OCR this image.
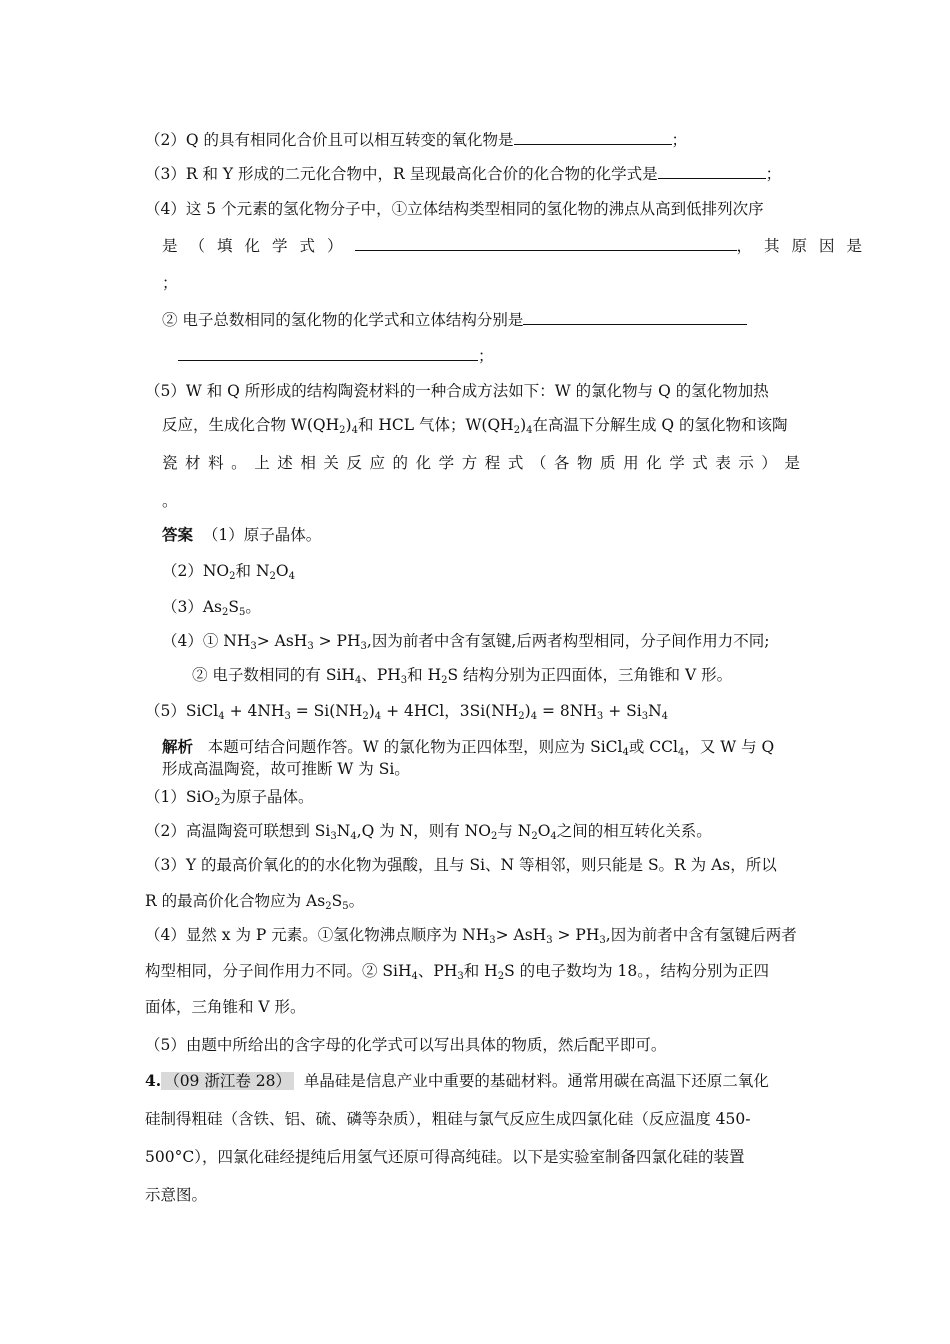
（2）Q 的具有相同化合价且可以相互转变的氧化物是	；
（3）R 和 Y 形成的二元化合物中，R 呈现最高化合价的化合物的化学式是	；
（4）这 5 个元素的氢化物分子中，①立体结构类型相同的氢化物的沸点从高到低排列次序
是（填化学式）	，其原因是
；
② 电子总数相同的氢化物的化学式和立体结构分别是
；
（5）W 和 Q 所形成的结构陶瓷材料的一种合成方法如下：W 的氯化物与 Q 的氢化物加热
反应，生成化合物 $W(QH_2)_4$和 HCL 气体；$W(QH_2)_4$在高温下分解生成 Q 的氢化物和该陶
瓷材料。上述相关反应的化学方程式（各物质用化学式表示）是
。
答案 （1）原子晶体。
$(2)NO_2$和 $N_2O_4$
$(3)As_2S_5$。
（4）① $NH_3> AsH_3 > PH_3$,因为前者中含有氢键,后两者构型相同，分子间作用力不同;
② 电子数相同的有 SiH$_4$、$PH_3$和 $H_2S$ 结构分别为正四面体，三角锥和 V 形。
（5）SiCl$_4$ + $4NH_3 = Si(NH_2)_4 + 4HCl$，$3Si(NH_2)_4 = 8NH_3 + Si_3N_4$
解析 本题可结合问题作答。W 的氯化物为正四体型，则应为 SiCl$_4$或 CCl$_4$，又 W 与 Q
形成高温陶瓷，故可推断 W 为 Si。
（1）SiO$_2$为原子晶体。
（2）高温陶瓷可联想到 $Si_3N_4,Q$ 为 N，则有 $NO_2$与 $N_2O_4$之间的相互转化关系。
（3）Y 的最高价氧化的的水化物为强酸，且与 Si、N 等相邻，则只能是 S。R 为 As，所以
R 的最高价化合物应为 $As_2S_5$。
（4）显然 x 为 P 元素。①氢化物沸点顺序为 $NH_3> AsH_3 > PH_3$,因为前者中含有氢键后两者
构型相同，分子间作用力不同。② SiH$_4$、$PH_3$和 $H_2S$ 的电子数均为 18。，结构分别为正四
面体，三角锥和 V 形。
（5）由题中所给出的含字母的化学式可以写出具体的物质，然后配平即可。
4. （09 浙江卷 28） 单晶硅是信息产业中重要的基础材料。通常用碳在高温下还原二氧化
硅制得粗硅（含铁、铝、硫、磷等杂质），粗硅与氯气反应生成四氯化硅（反应温度 450-
500°C），四氯化硅经提纯后用氢气还原可得高纯硅。以下是实验室制备四氯化硅的装置
示意图。
